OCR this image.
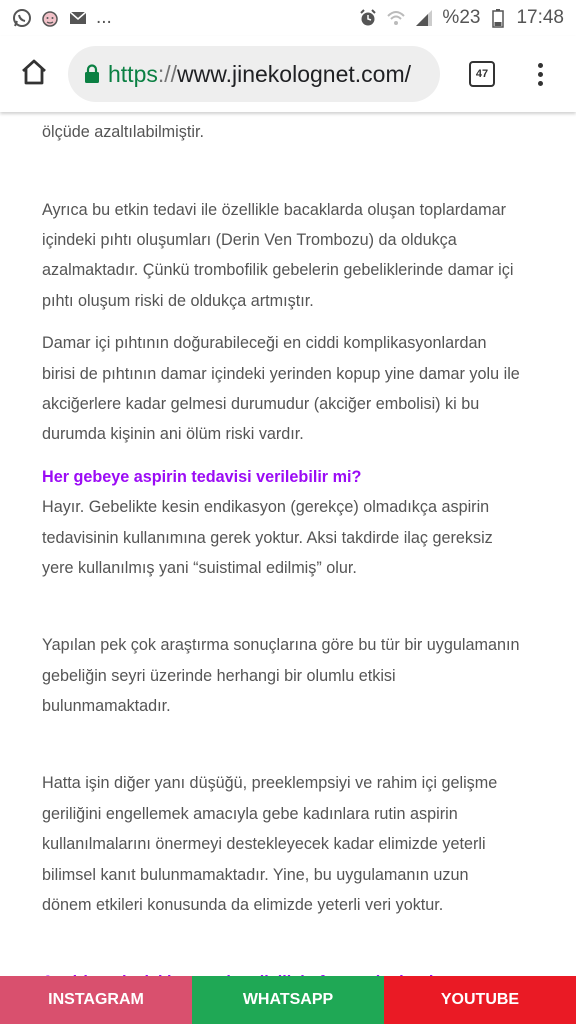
...	%23 17:48
https :// www.jinekolognet.com/	47

ölçüde azaltılabilmiştir.

Ayrıca bu etkin tedavi ile özellikle bacaklarda oluşan toplardamar
içindeki pıhtı oluşumları (Derin Ven Trombozu) da oldukça
azalmaktadır. Çünkü trombofilik gebelerin gebeliklerinde damar içi
pıhtı oluşum riski de oldukça artmıştır.

Damar içi pıhtının doğurabileceği en ciddi komplikasyonlardan
birisi de pıhtının damar içindeki yerinden kopup yine damar yolu ile
akciğerlere kadar gelmesi durumudur (akciğer embolisi) ki bu
durumda kişinin ani ölüm riski vardır.

Her gebeye aspirin tedavisi verilebilir mi?

Hayır. Gebelikte kesin endikasyon (gerekçe) olmadıkça aspirin
tedavisinin kullanımına gerek yoktur. Aksi takdirde ilaç gereksiz
yere kullanılmış yani “suistimal edilmiş” olur.

Yapılan pek çok araştırma sonuçlarına göre bu tür bir uygulamanın
gebeliğin seyri üzerinde herhangi bir olumlu etkisi
bulunmamaktadır.

Hatta işin diğer yanı düşüğü, preeklempsiyi ve rahim içi gelişme
geriliğini engellemek amacıyla gebe kadınlara rutin aspirin
kullanılmalarını önermeyi destekleyecek kadar elimizde yeterli
bilimsel kanıt bulunmamaktadır. Yine, bu uygulamanın uzun
dönem etkileri konusunda da elimizde yeterli veri yoktur.

INSTAGRAM	WHATSAPP	YOUTUBE
